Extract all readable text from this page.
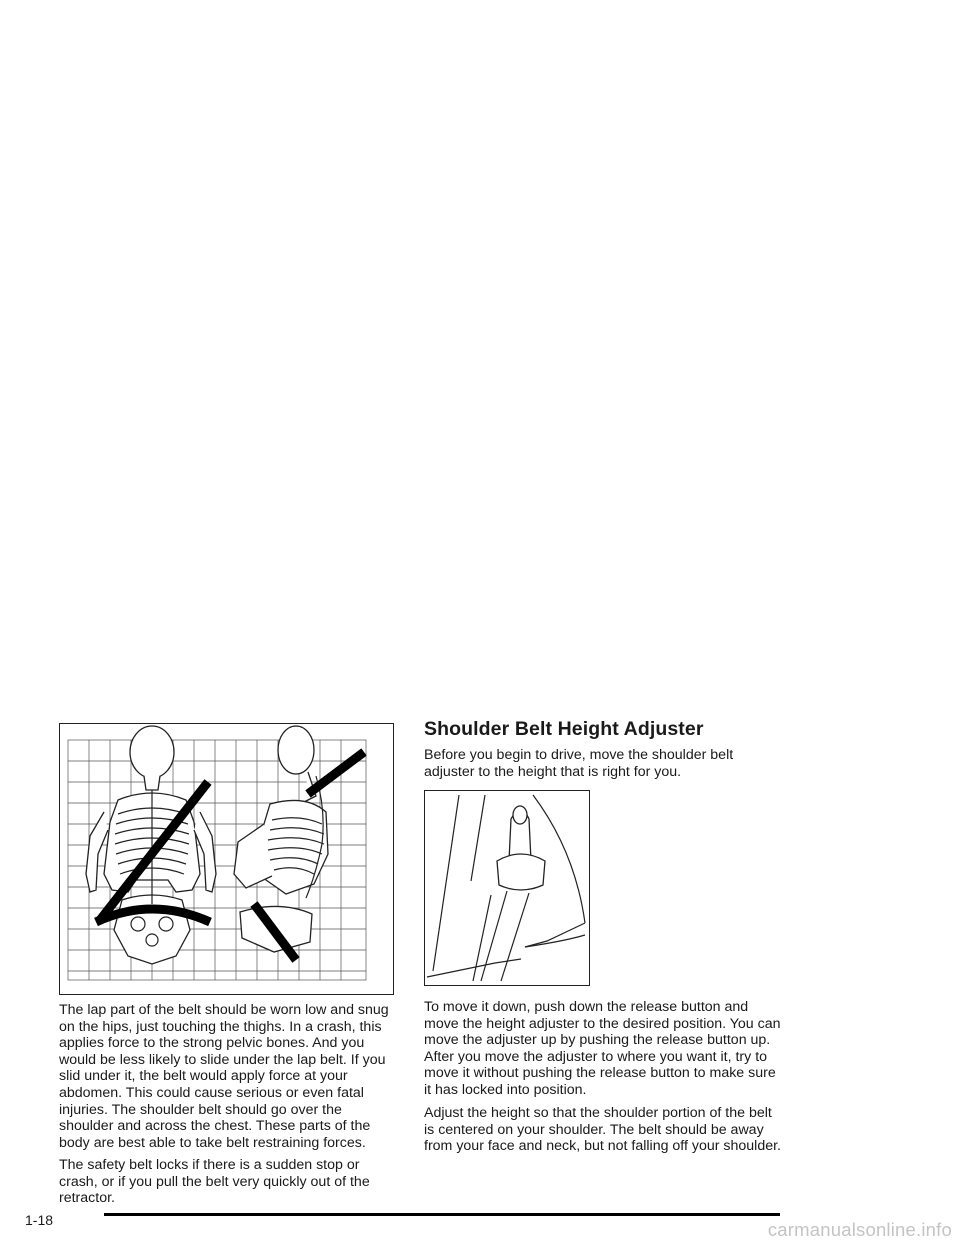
The lap part of the belt should be worn low and snug on the hips, just touching the thighs. In a crash, this applies force to the strong pelvic bones. And you would be less likely to slide under the lap belt. If you slid under it, the belt would apply force at your abdomen. This could cause serious or even fatal injuries. The shoulder belt should go over the shoulder and across the chest. These parts of the body are best able to take belt restraining forces.

The safety belt locks if there is a sudden stop or crash, or if you pull the belt very quickly out of the retractor.

Shoulder Belt Height Adjuster

Before you begin to drive, move the shoulder belt adjuster to the height that is right for you.

To move it down, push down the release button and move the height adjuster to the desired position. You can move the adjuster up by pushing the release button up. After you move the adjuster to where you want it, try to move it without pushing the release button to make sure it has locked into position.

Adjust the height so that the shoulder portion of the belt is centered on your shoulder. The belt should be away from your face and neck, but not falling off your shoulder.

1-18	carmanualsonline.info
